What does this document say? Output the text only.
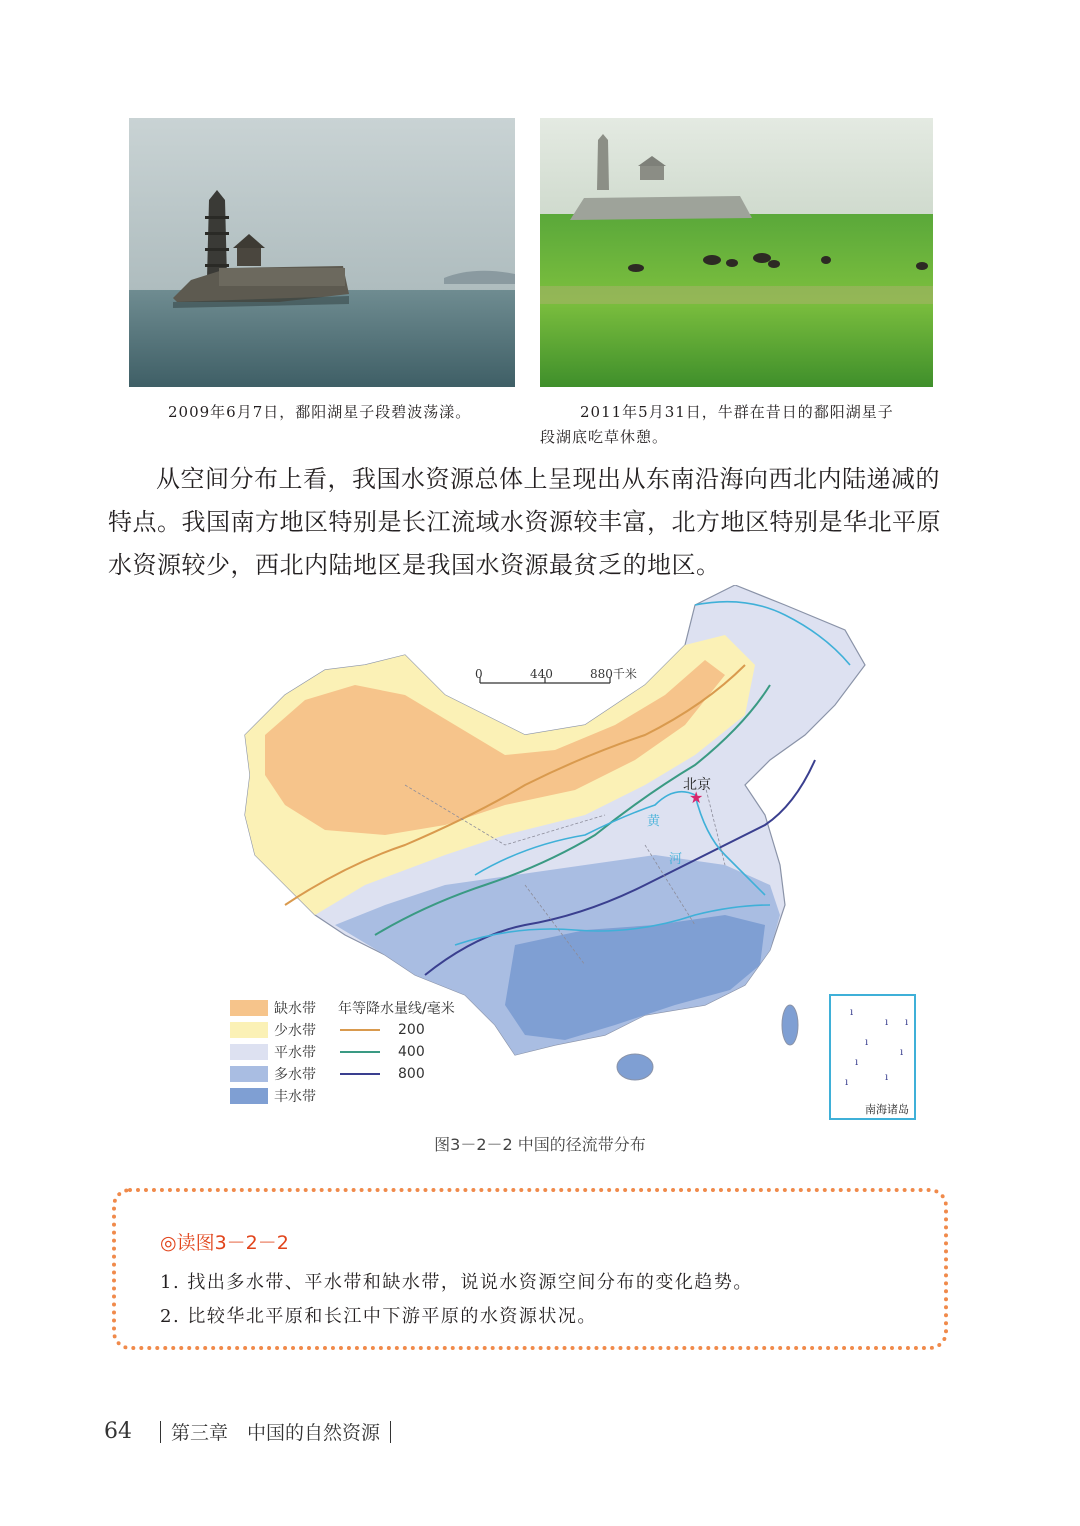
2009年6月7日，鄱阳湖星子段碧波荡漾。	2011年5月31日，牛群在昔日的鄱阳湖星子
段湖底吃草休憩。

从空间分布上看，我国水资源总体上呈现出从东南沿海向西北内陆递减的

特点。我国南方地区特别是长江流域水资源较丰富，北方地区特别是华北平原

水资源较少，西北内陆地区是我国水资源最贫乏的地区。

0	440	880千米
★
北京
黄
河
ı
ı
ı
ı
ı
ı
ı
ı
南海诸岛
缺水带
少水带
平水带
多水带
丰水带
年等降水量线/毫米
200
400
800
图3－2－2 中国的径流带分布
◎读图3－2－2
1. 找出多水带、平水带和缺水带，说说水资源空间分布的变化趋势。
2. 比较华北平原和长江中下游平原的水资源状况。
64 第三章　中国的自然资源
